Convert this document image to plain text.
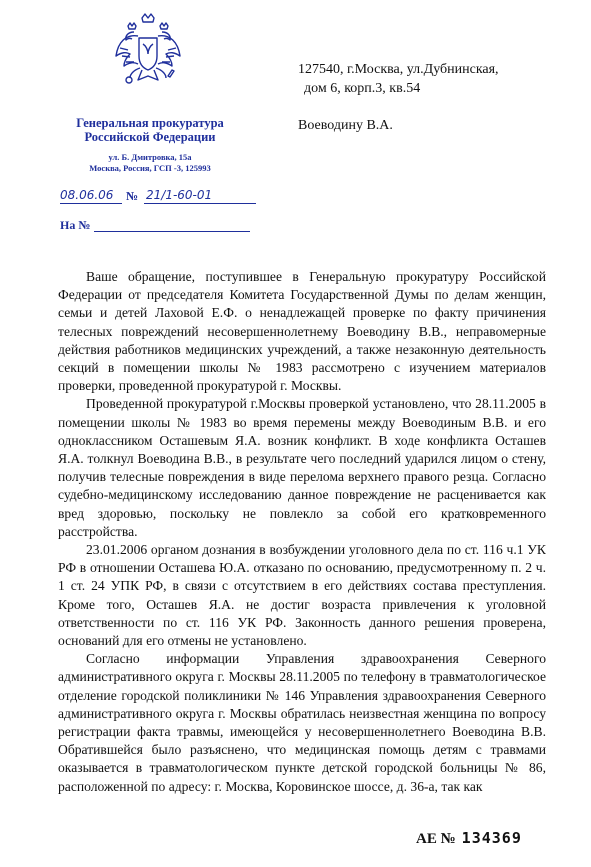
Генеральная прокуратура
Российской Федерации
ул. Б. Дмитровка, 15а
Москва, Россия, ГСП -3, 125993
08.06.06	№ 21/1-60-01
На №
127540, г.Москва, ул.Дубнинская,
дом 6, корп.3, кв.54
Воеводину В.А.

Ваше обращение, поступившее в Генеральную прокуратуру Российской Федерации от председателя Комитета Государственной Думы по делам женщин, семьи и детей Лаховой Е.Ф. о ненадлежащей проверке по факту причинения телесных повреждений несовершеннолетнему Воеводину В.В., неправомерные действия работников медицинских учреждений, а также незаконную деятельность секций в помещении школы № 1983 рассмотрено с изучением материалов проверки, проведенной прокуратурой г. Москвы.

Проведенной прокуратурой г.Москвы проверкой установлено, что 28.11.2005 в помещении школы № 1983 во время перемены между Воеводиным В.В. и его одноклассником Осташевым Я.А. возник конфликт. В ходе конфликта Осташев Я.А. толкнул Воеводина В.В., в результате чего последний ударился лицом о стену, получив телесные повреждения в виде перелома верхнего правого резца. Согласно судебно-медицинскому исследованию данное повреждение не расценивается как вред здоровью, поскольку не повлекло за собой его кратковременного расстройства.

23.01.2006 органом дознания в возбуждении уголовного дела по ст. 116 ч.1 УК РФ в отношении Осташева Ю.А. отказано по основанию, предусмотренному п. 2 ч. 1 ст. 24 УПК РФ, в связи с отсутствием в его действиях состава преступления. Кроме того, Осташев Я.А. не достиг возраста привлечения к уголовной ответственности по ст. 116 УК РФ. Законность данного решения проверена, оснований для его отмены не установлено.

Согласно информации Управления здравоохранения Северного административного округа г. Москвы 28.11.2005 по телефону в травматологическое отделение городской поликлиники № 146 Управления здравоохранения Северного административного округа г. Москвы обратилась неизвестная женщина по вопросу регистрации факта травмы, имеющейся у несовершеннолетнего Воеводина В.В. Обратившейся было разъяснено, что медицинская помощь детям с травмами оказывается в травматологическом пункте детской городской больницы № 86, расположенной по адресу: г. Москва, Коровинское шоссе, д. 36-а, так как

АЕ № 134369
